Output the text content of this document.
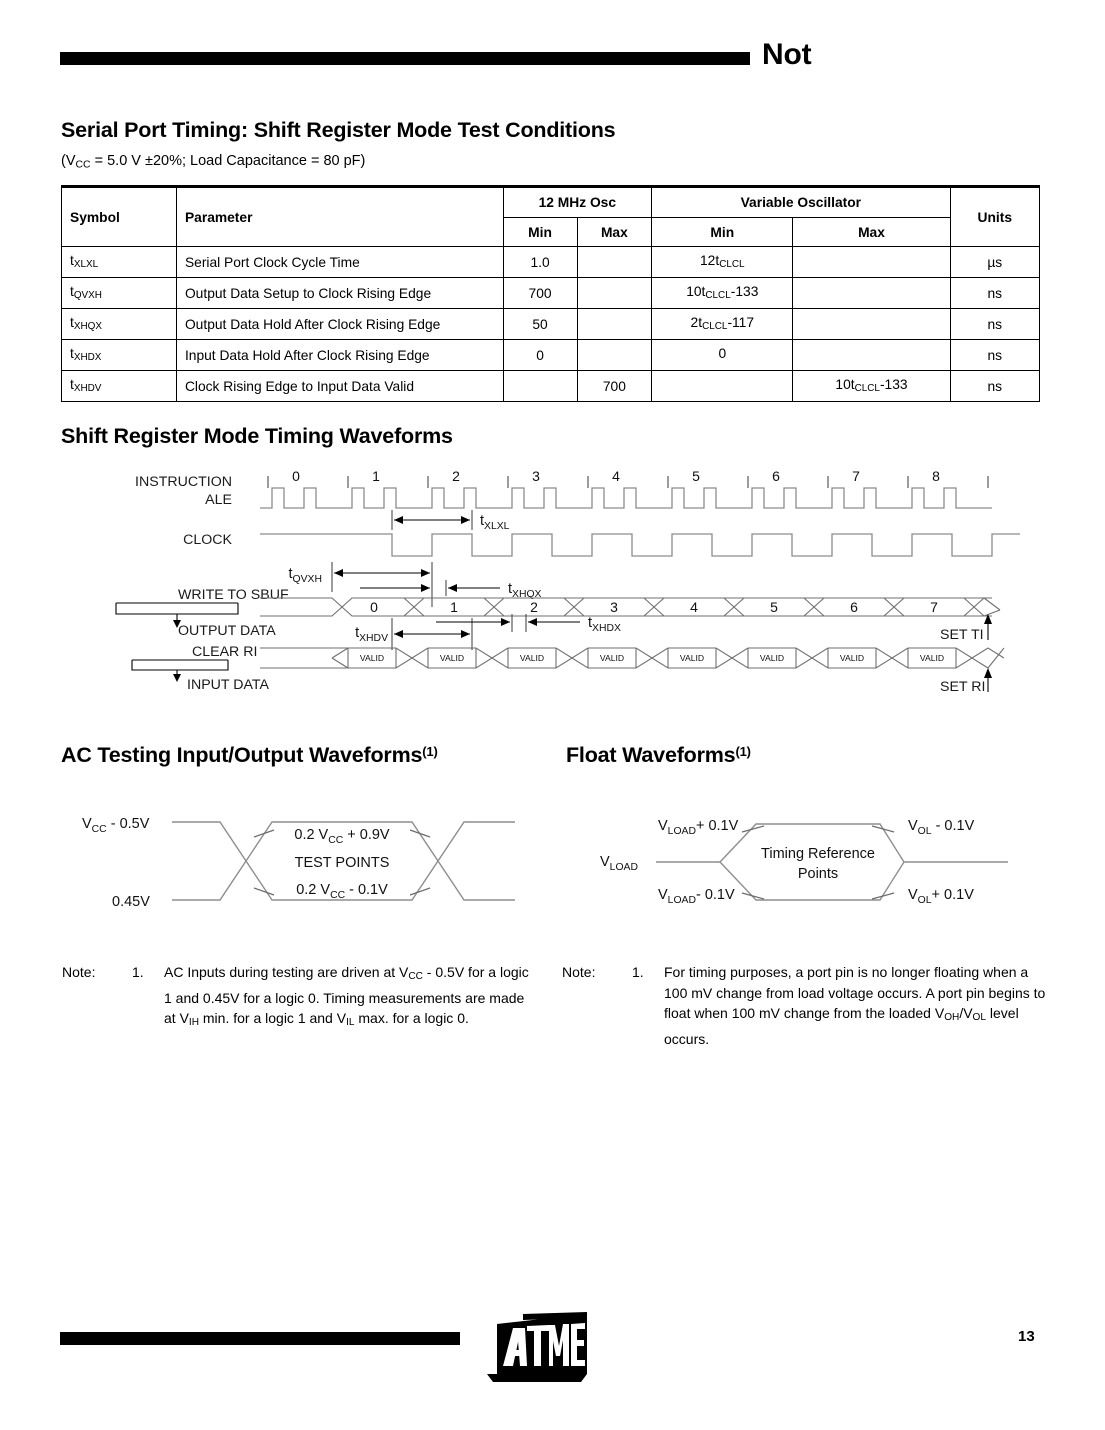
Not
Serial Port Timing: Shift Register Mode Test Conditions
($V_{CC} = 5.0$ V ±20%; Load Capacitance = 80 pF)
Symbol	Parameter	12 MHz Osc		Variable Oscillator		Units
		Min	Max	Min	Max	
$t_{XLXL}$	Serial Port Clock Cycle Time	1.0		$12t_{CLCL}$		µs
$t_{QVXH}$	Output Data Setup to Clock Rising Edge	700		$10t_{CLCL}-133$		ns
$t_{XHQX}$	Output Data Hold After Clock Rising Edge	50		$2t_{CLCL}-117$		ns
$t_{XHDX}$	Input Data Hold After Clock Rising Edge	0		0		ns
$t_{XHDV}$	Clock Rising Edge to Input Data Valid		700		$10t_{CLCL}-133$	ns
Shift Register Mode Timing Waveforms
INSTRUCTION
ALE
CLOCK
WRITE TO SBUF
OUTPUT DATA
CLEAR RI
INPUT DATA
0	1	2	3	4	5	6	7	8
$t_{XLXL}$
$t_{QVXH}$
$t_{XHQX}$
0	1	2	3	4	5	6	7
$t_{XHDV}$
$t_{XHDX}$
VALID	VALID	VALID	VALID	VALID	VALID	VALID
VALID
SET TI
SET RI
AC Testing Input/Output Waveforms$^{(1)}$
$V_{CC} - 0.5V$
0.45V
0.2 $V_{CC} + 0.9V$
TEST POINTS
0.2 $V_{CC} - 0.1V$
Float Waveforms$^{(1)}$
$V_{LOAD}$
$V_{LOAD}+ 0.1V$
$V_{LOAD}-$ 0.1V
$V_{OL} - 0.1V$
$V_{OL}+ 0.1V$
Timing Reference
Points
Note:	1. AC Inputs during testing are driven at $V_{CC} - 0.5V$ for a logic 1 and 0.45V for a logic 0. Timing measurements are made at $V_{IH}$ min. for a logic 1 and $V_{IL}$ max. for a logic 0.
Note:	1. For timing purposes, a port pin is no longer floating when a 100 mV change from load voltage occurs. A port pin begins to float when 100 mV change from the loaded $V_{OH}/V_{OL}$ level occurs.
13
